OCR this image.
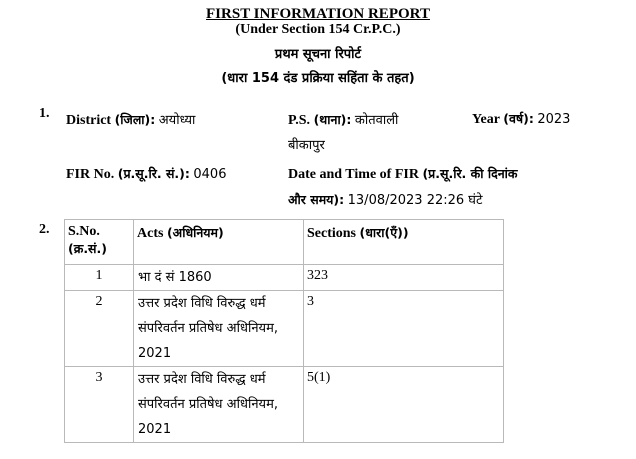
FIRST INFORMATION REPORT
(Under Section 154 Cr.P.C.)
प्रथम सूचना रिपोर्ट
(धारा 154 दंड प्रक्रिया सहिंता के तहत)
1. District (जिला): अयोध्या	P.S. (थाना): कोतवाली
बीकापुर
Year (वर्ष): 2023
FIR No. (प्र.सू.रि. सं.): 0406	Date and Time of FIR (प्र.सू.रि. की दिनांक
और समय): 13/08/2023 22:26 घंटे
2. S.No.
(क्र.सं.)	Acts (अधिनियम)	Sections (धारा(एँ))
1	भा दं सं 1860	323
2	उत्तर प्रदेश विधि विरुद्ध धर्म संपरिवर्तन प्रतिषेध अधिनियम, 2021	3
3	उत्तर प्रदेश विधि विरुद्ध धर्म संपरिवर्तन प्रतिषेध अधिनियम, 2021	5(1)
